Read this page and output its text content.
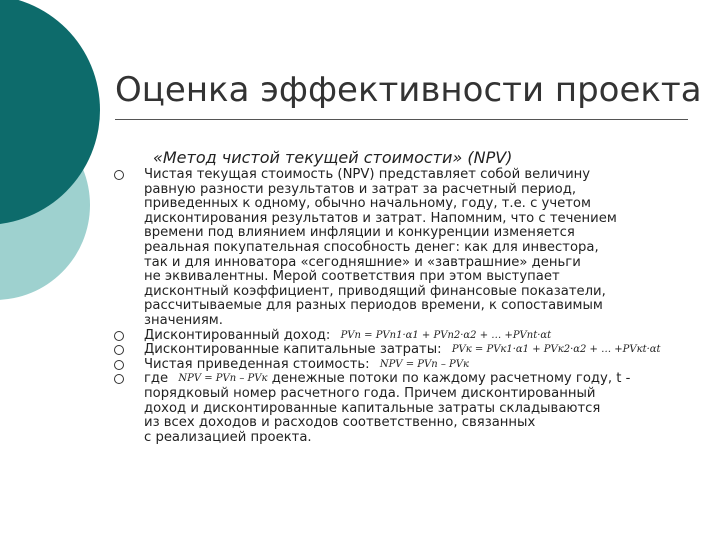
Оценка эффективности проекта
«Метод чистой текущей стоимости» (NPV)
Чистая текущая стоимость (NPV) представляет собой величину
равную разности результатов и затрат за расчетный период,
приведенных к одному, обычно начальному, году, т.е. с учетом
дисконтирования результатов и затрат. Напомним, что с течением
времени под влиянием инфляции и конкуренции изменяется
реальная покупательная способность денег: как для инвестора,
так и для инноватора «сегодняшние» и «завтрашние» деньги
не эквивалентны. Мерой соответствия при этом выступает
дисконтный коэффициент, приводящий финансовые показатели,
рассчитываемые для разных периодов времени, к сопоставимым
значениям.
Дисконтированный доход: PVп = PVп1·α1 + PVп2·α2 + … +PVпt·αt
Дисконтированные капитальные затраты: PVк = PVк1·α1 + PVк2·α2 + … +PVкt·αt
Чистая приведенная стоимость: NPV = PVп – PVк
где NPV = PVп – PVк денежные потоки по каждому расчетному году, t -
порядковый номер расчетного года. Причем дисконтированный
доход и дисконтированные капитальные затраты складываются
из всех доходов и расходов соответственно, связанных
с реализацией проекта.
